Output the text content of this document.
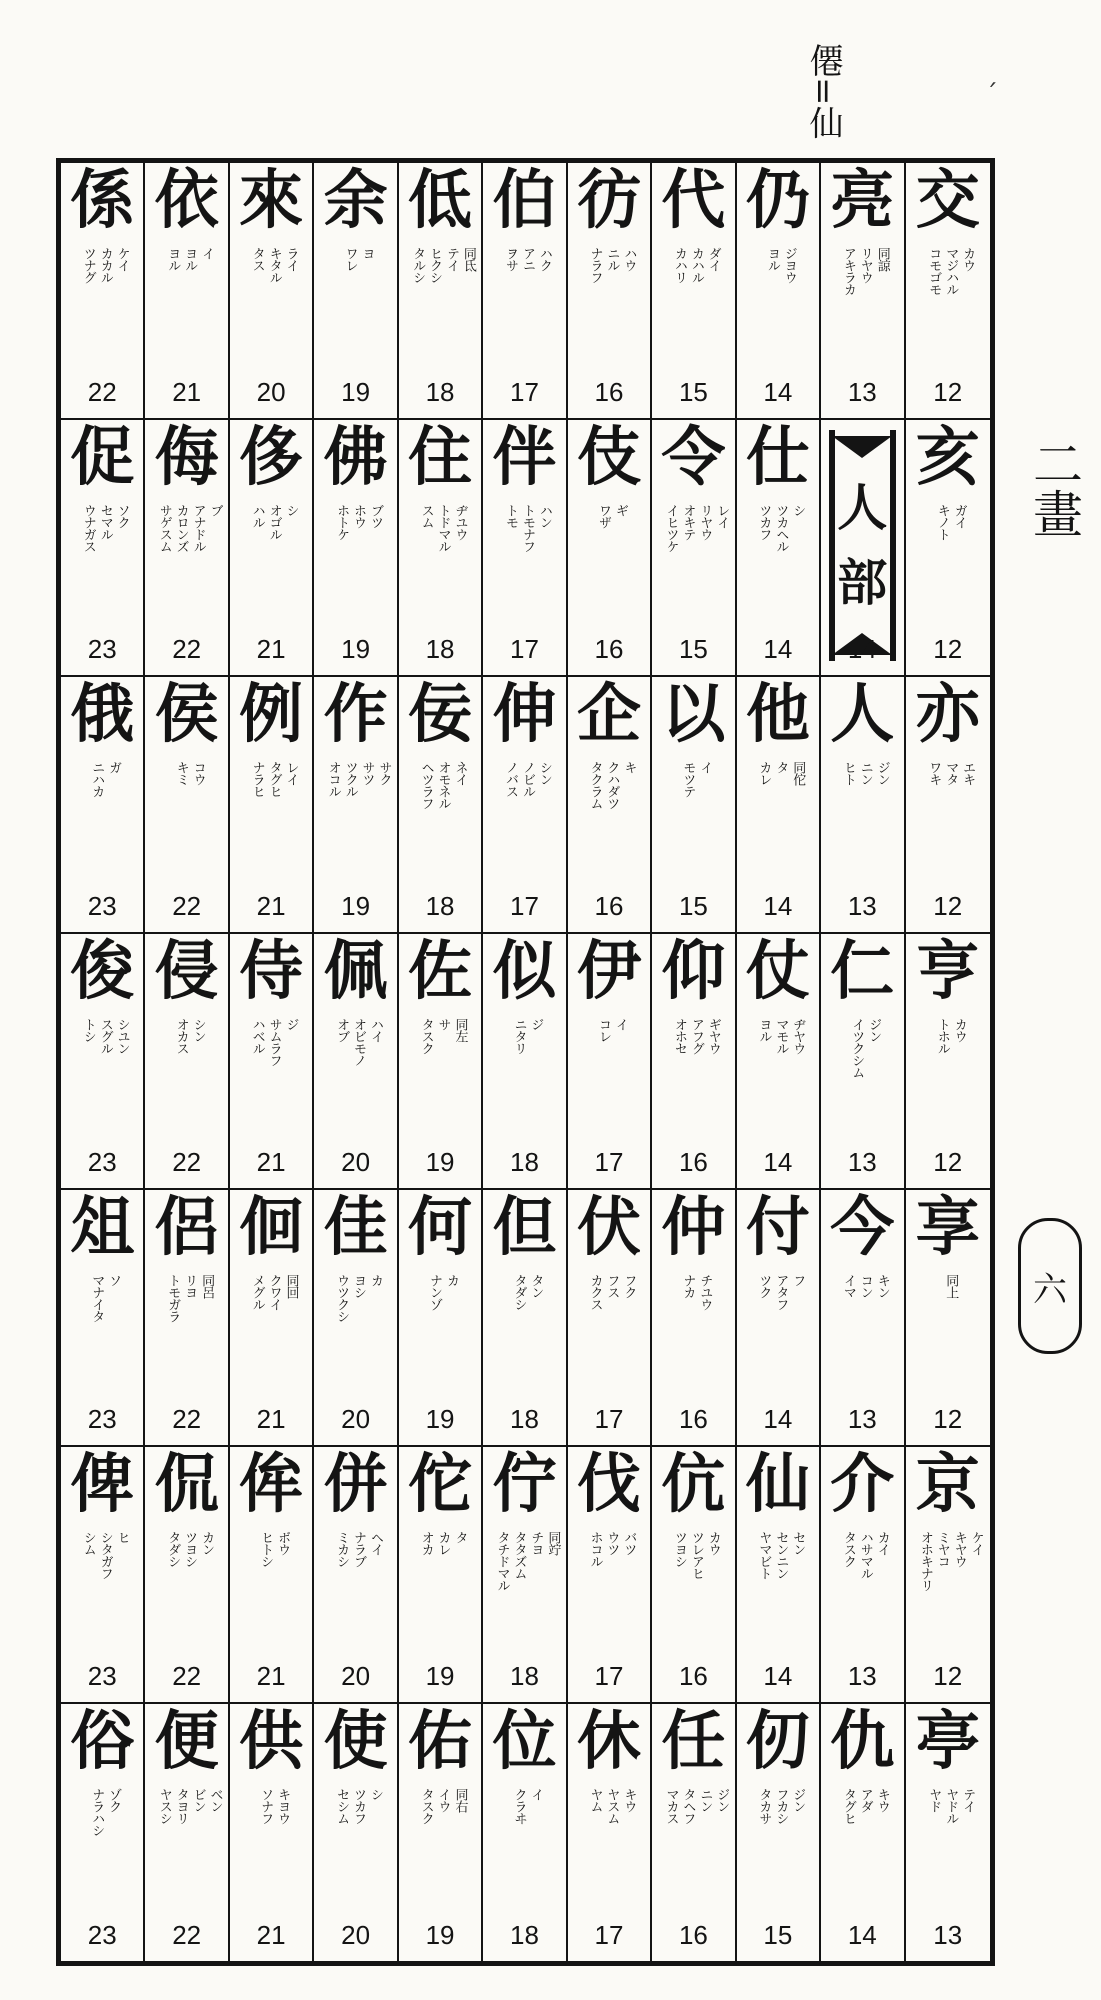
僊=仙	ˊ
係
ケイ
カカル
ツナグ
22
依
イ
ヨル
ヨル
21
來
ライ
キタル
タス
20
余
ヨ
ワレ
19
低
同氐
テイ
ヒクシ
タルシ
18
伯
ハク
アニ
ヲサ
17
彷
ハウ
ニル
ナラフ
16
代
ダイ
カハル
カハリ
15
仍
ジヨウ
ヨル
14
亮
同諒
リヤウ
アキラカ
13
交
カウ
マジハル
コモゴモ
12
促
ソク
セマル
ウナガス
23
侮
ブ
アナドル
カロンズ
サゲスム
22
侈
シ
オゴル
ハル
21
佛
ブツ
ホウ
ホトケ
19
住
ヂユウ
トドマル
スム
18
伴
ハン
トモナフ
トモ
17
伎
ギ
ワザ
16
令
レイ
リヤウ
オキテ
イヒツケ
15
仕
シ
ツカヘル
ツカフ
14
人
部
14
亥
ガイ
キノト
12
俄
ガ
ニハカ
23
侯
コウ
キミ
22
例
レイ
タグヒ
ナラヒ
21
作
サク
サツ
ツクル
オコル
19
佞
ネイ
オモネル
ヘツラフ
18
伸
シン
ノビル
ノバス
17
企
キ
クハダツ
タクラム
16
以
イ
モツテ
15
他
同佗
タ
カレ
14
人
ジン
ニン
ヒト
13
亦
エキ
マタ
ワキ
12
俊
シユン
スグル
トシ
23
侵
シン
オカス
22
侍
ジ
サムラフ
ハベル
21
佩
ハイ
オビモノ
オブ
20
佐
同左
サ
タスク
19
似
ジ
ニタリ
18
伊
イ
コレ
17
仰
ギヤウ
アフグ
オホセ
16
仗
ヂヤウ
マモル
ヨル
14
仁
ジン
イツクシム
13
亨
カウ
トホル
12
俎
ソ
マナイタ
23
侶
同呂
リヨ
トモガラ
22
佪
同回
クワイ
メグル
21
佳
カ
ヨシ
ウツクシ
20
何
カ
ナンゾ
19
但
タン
タダシ
18
伏
フク
フス
カクス
17
仲
チユウ
ナカ
16
付
フ
アタフ
ツク
14
今
キン
コン
イマ
13
享
同上
12
俾
ヒ
シタガフ
シム
23
侃
カン
ツヨシ
タダシ
22
侔
ボウ
ヒトシ
21
併
ヘイ
ナラブ
ミカシ
20
佗
タ
カレ
オカ
19
佇
同竚
チヨ
タタズム
タチドマル
18
伐
バツ
ウツ
ホコル
17
伉
カウ
ツレアヒ
ツヨシ
16
仙
セン
センニン
ヤマビト
14
介
カイ
ハサマル
タスク
13
京
ケイ
キヤウ
ミヤコ
オホキナリ
12
俗
ゾク
ナラハシ
23
便
ベン
ビン
タヨリ
ヤスシ
22
供
キヨウ
ソナフ
21
使
シ
ツカフ
セシム
20
佑
同右
イウ
タスク
19
位
イ
クラヰ
18
休
キウ
ヤスム
ヤム
17
任
ジン
ニン
タヘフ
マカス
16
仞
ジン
フカシ
タカサ
15
仇
キウ
アダ
タグヒ
14
亭
テイ
ヤドル
ヤド
13
二畫
六
